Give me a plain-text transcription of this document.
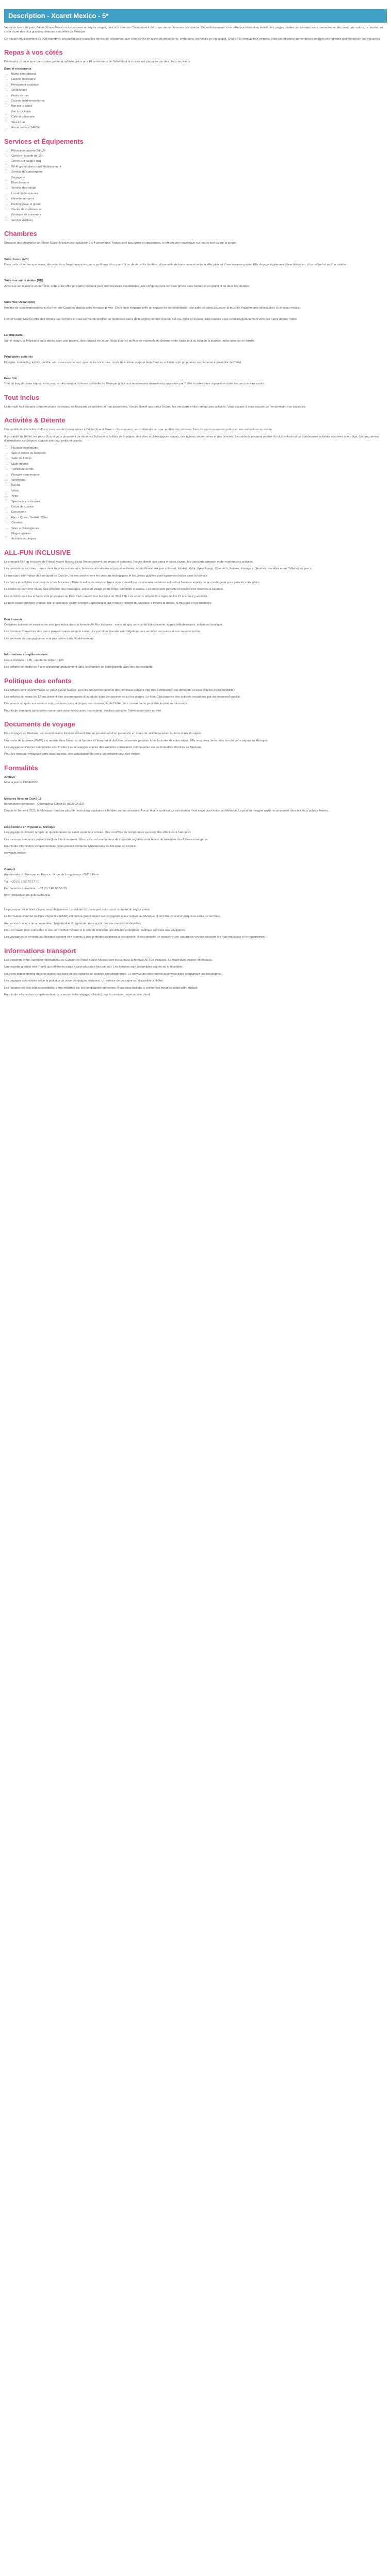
Description - Xcaret Mexico - 5*

Véritable havre de paix, l'Hotel Xcaret Mexico vous propose un séjour unique, face à la mer des Caraïbes et à deux pas de nombreuses animations. Cet établissement vous offre une réalisation idéale, des plages privées au domaine vous permettra de découvrir une nature luxuriante, au cœur d'une des plus grandes réserves naturelles du Mexique.

Ce nouvel établissement de 900 chambres est parfait pour toutes les envies de voyageurs, que vous soyez en quête de découverte, entre amis, en famille ou en couple. Grâce à la formule tout compris, vous bénéficierez de nombreux services et profiterez pleinement de vos vacances.

Repas à vos côtés

Découvrez chaque jour une cuisine variée et raffinée grâce aux 10 restaurants de l'hôtel dont la cuisine est préparée par des chefs reconnus.

Bars et restaurants
• Buffet international
• Cuisine mexicaine
• Restaurant asiatique
• Steakhouse
• Fruits de mer
• Cuisine méditerranéenne
• Bar sur la plage
• Bar à cocktails
• Café et pâtisserie
• Snack-bar
• Room service 24h/24
Services et Équipements
• Réception ouverte 24h/24
• Check-in à partir de 15h
• Check-out jusqu'à midi
• Wi-Fi gratuit dans tout l'établissement
• Service de conciergerie
• Bagagerie
• Blanchisserie
• Service de change
• Location de voitures
• Navette aéroport
• Parking privé et gratuit
• Centre de conférences
• Boutique de souvenirs
• Service médical
Chambres

Chacune des chambres de l'Hotel Xcaret Mexico peut accueillir 2 à 4 personnes. Toutes sont luxueuses et spacieuses, et offrent une magnifique vue sur la mer ou sur la jungle.

Suite Junior (ND)

Dans cette chambre spacieuse, décorée dans l'esprit mexicain, vous profiterez d'un grand lit ou de deux lits doubles, d'une salle de bains avec douche à effet pluie et d'une terrasse privée. Elle dispose également d'une télévision, d'un coffre-fort et d'un minibar.

Suite vue sur la rivière (ND)

Avec vue sur la rivière souterraine, cette suite offre un cadre reposant pour des vacances inoubliables. Elle comprend une terrasse privée avec hamac et un grand lit ou deux lits doubles.

Suite Vue Océan (ND)

Profitez de vues imprenables sur la mer des Caraïbes depuis votre terrasse privée. Cette suite élégante offre un espace de vie confortable, une salle de bains luxueuse et tous les équipements nécessaires à un séjour réussi.

L'hôtel Xcaret Mexico offre des forfaits tout compris et vous permet de profiter de nombreux parcs de la région comme Xcaret, Xel-Há, Xplor et Xenses. Une navette vous conduira gratuitement vers ces parcs depuis l'hôtel.

La Tropicana

Sur le rivage, la Tropicana vous attend avec une piscine, des transats et un bar. Vous pourrez profiter de moments de détente et de loisirs tout au long de la journée, entre amis ou en famille.

Principales activités

Plongée, snorkeling, kayak, paddle, excursions en bateau, spectacles nocturnes, cours de cuisine, yoga et bien d'autres activités sont proposées sur place ou à proximité de l'hôtel.

Pour finir

Tout au long de votre séjour, vous pourrez découvrir la richesse culturelle du Mexique grâce aux nombreuses animations proposées par l'hôtel et aux visites organisées dans les parcs environnants.

Tout inclus

La formule tout compris comprend tous les repas, les boissons alcoolisées et non alcoolisées, l'accès illimité aux parcs Xcaret, les transferts et de nombreuses activités. Vous n'aurez à vous soucier de rien pendant vos vacances.

Activités & Détente

Une multitude d'activités s'offre à vous pendant votre séjour à l'Hotel Xcaret Mexico. Vous pourrez vous détendre au spa, profiter des piscines, faire du sport ou encore participer aux animations en soirée.

À proximité de l'hôtel, les parcs Xcaret vous proposent de découvrir la faune et la flore de la région, des sites archéologiques mayas, des rivières souterraines et des cénotes. Les enfants pourront profiter du club enfants et de nombreuses activités adaptées à leur âge. Un programme d'animations est proposé chaque jour pour petits et grands.

• Piscines extérieures
• Spa et centre de bien-être
• Salle de fitness
• Club enfants
• Terrain de tennis
• Plongée sous-marine
• Snorkeling
• Kayak
• Vélos
• Yoga
• Spectacles nocturnes
• Cours de cuisine
• Excursions
• Parcs Xcaret, Xel-Há, Xplor
• Cénotes
• Sites archéologiques
• Plages privées
• Activités nautiques
ALL-FUN INCLUSIVE

Le concept All-Fun Inclusive de l'Hotel Xcaret Mexico inclut l'hébergement, les repas et boissons, l'accès illimité aux parcs et tours Xcaret, les transferts aéroport et de nombreuses activités.

Les prestations incluses : repas dans tous les restaurants, boissons alcoolisées et non alcoolisées, accès illimité aux parcs Xcaret, Xel-Há, Xplor, Xplor Fuego, Xoximilco, Xenses, Xavage et Xenotes, navettes entre l'hôtel et les parcs.

Le transport aller-retour de l'aéroport de Cancún, les excursions vers les sites archéologiques et les visites guidées sont également inclus dans la formule.

Les parcs et activités sont ouverts à des horaires différents selon les saisons. Nous vous conseillons de réserver certaines activités à l'avance auprès de la conciergerie pour garantir votre place.

Le centre de bien-être Muluk Spa propose des massages, soins du visage et du corps, hammam et sauna. Les soins sont payants et doivent être réservés à l'avance.

Les activités pour les enfants sont proposées au Kids Club, ouvert tous les jours de 9h à 17h. Les enfants doivent être âgés de 4 à 12 ans pour y accéder.

Le parc Xcaret propose chaque soir le spectacle Xcaret México Espectacular, qui retrace l'histoire du Mexique à travers la danse, la musique et les traditions.

Bon à savoir

Certaines activités et services ne sont pas inclus dans la formule All-Fun Inclusive : soins au spa, service de blanchisserie, appels téléphoniques, achats en boutique.

Les horaires d'ouverture des parcs peuvent varier selon la saison. Le port d'un bracelet est obligatoire pour accéder aux parcs et aux services inclus.

Les animaux de compagnie ne sont pas admis dans l'établissement.

Informations complémentaires

Heure d'arrivée : 15h - Heure de départ : 12h

Les enfants de moins de 4 ans séjournent gratuitement dans la chambre de leurs parents avec des lits existants.

Politique des enfants

Les enfants sont les bienvenus à l'Hotel Xcaret Mexico. Des lits supplémentaires et des berceaux peuvent être mis à disposition sur demande et sous réserve de disponibilité.

Les enfants de moins de 12 ans doivent être accompagnés d'un adulte dans les piscines et sur les plages. Le Kids Club propose des activités encadrées par du personnel qualifié.

Des menus adaptés aux enfants sont proposés dans la plupart des restaurants de l'hôtel. Une chaise haute peut être fournie sur demande.

Pour toute demande particulière concernant votre séjour avec des enfants, veuillez contacter l'hôtel avant votre arrivée.

Documents de voyage

Pour voyager au Mexique, les ressortissants français doivent être en possession d'un passeport en cours de validité pendant toute la durée du séjour.

Une carte de tourisme (FMM) est remise dans l'avion ou à l'arrivée à l'aéroport et doit être conservée pendant toute la durée de votre séjour. Elle vous sera demandée lors de votre départ du Mexique.

Les voyageurs d'autres nationalités sont invités à se renseigner auprès des autorités consulaires compétentes sur les formalités d'entrée au Mexique.

Pour les mineurs voyageant sans leurs parents, une autorisation de sortie du territoire peut être exigée.

Formalités
Archive

Mise à jour le 19/04/2022

Mesures liées au Covid-19

Informations générales - Coronavirus Covid-19 (02/04/2022)

Depuis le 1er avril 2022, le Mexique n'impose plus de restrictions sanitaires à l'entrée sur son territoire. Aucun test ni certificat de vaccination n'est exigé pour entrer au Mexique. Le port du masque reste recommandé dans les lieux publics fermés.

Dispositions en vigueur au Mexique

Les voyageurs doivent remplir un questionnaire de santé avant leur arrivée. Des contrôles de température peuvent être effectués à l'aéroport.

Les mesures sanitaires peuvent évoluer à tout moment. Nous vous recommandons de consulter régulièrement le site du ministère des Affaires étrangères.

Pour toute information complémentaire, vous pouvez contacter l'Ambassade du Mexique en France :

www.gob.mx/sre

Contact

Ambassade du Mexique en France - 9 rue de Longchamp - 75116 Paris

Tel : +33 (0) 1 53 70 27 70

Permanence consulaire : +33 (0) 1 42 86 56 20

http://embamex.sre.gob.mx/francia

Le passeport et le billet d'avion sont obligatoires. La validité du passeport doit couvrir la durée du séjour prévu.

Le formulaire d'entrée multiple migratoire (FMM) est délivré gratuitement aux voyageurs à leur arrivée au Mexique. Il doit être conservé jusqu'à la sortie du territoire.

Autres vaccinations recommandées : hépatite A et B, typhoïde, mise à jour des vaccinations habituelles.

Pour en savoir plus, consultez le site de l'Institut Pasteur et le site du ministère des Affaires étrangères, rubrique Conseils aux voyageurs.

Les voyageurs se rendant au Mexique peuvent être soumis à des contrôles sanitaires à leur arrivée. Il est conseillé de souscrire une assurance voyage couvrant les frais médicaux et le rapatriement.

Informations transport

Les transferts entre l'aéroport international de Cancún et l'Hotel Xcaret Mexico sont inclus dans la formule All-Fun Inclusive. Le trajet dure environ 45 minutes.

Une navette gratuite relie l'hôtel aux différents parcs Xcaret plusieurs fois par jour. Les horaires sont disponibles auprès de la réception.

Pour vos déplacements dans la région, des taxis et des voitures de location sont disponibles. Le service de conciergerie peut vous aider à organiser vos excursions.

Les bagages sont limités selon la politique de votre compagnie aérienne. Un service de consigne est disponible à l'hôtel.

Les horaires de vols sont susceptibles d'être modifiés par les compagnies aériennes. Nous vous invitons à vérifier vos horaires avant votre départ.

Pour toute information complémentaire concernant votre voyage, n'hésitez pas à contacter notre service client.
